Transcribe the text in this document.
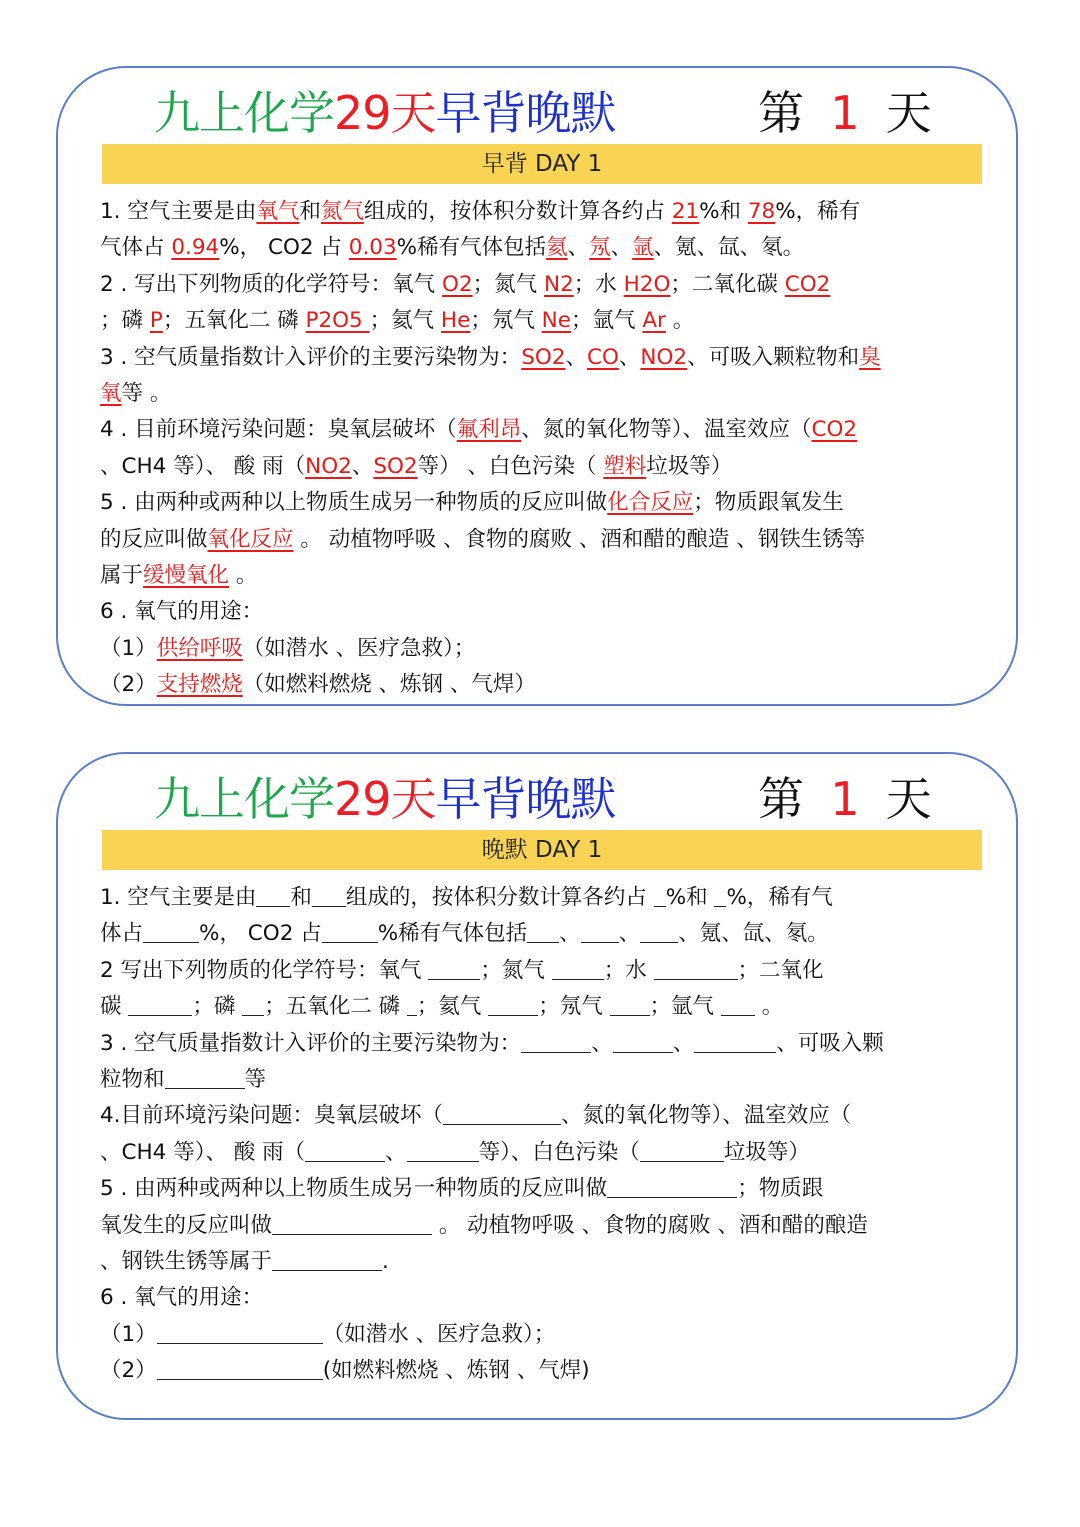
九上化学29天早背晚默	第 1 天
早背 DAY 1
1. 空气主要是由氧气和氮气组成的，按体积分数计算各约占 21%和 78%，稀有
气体占 0.94%， CO2 占 0.03%稀有气体包括氦、氖、氩、氪、氙、氡。
2 . 写出下列物质的化学符号：氧气 O2；氮气 N2；水 H2O；二氧化碳 CO2
；磷 P；五氧化二 磷 P2O5 ；氦气 He；氖气 Ne；氩气 Ar 。
3 . 空气质量指数计入评价的主要污染物为：SO2、CO、NO2、可吸入颗粒物和臭
氧等 。
4 . 目前环境污染问题：臭氧层破坏（氟利昂、氮的氧化物等）、温室效应（CO2
、CH4 等）、 酸 雨（NO2、SO2等） 、白色污染（ 塑料垃圾等）
5 . 由两种或两种以上物质生成另一种物质的反应叫做化合反应；物质跟氧发生
的反应叫做氧化反应 。 动植物呼吸 、食物的腐败 、酒和醋的酿造 、钢铁生锈等
属于缓慢氧化 。
6 . 氧气的用途：
（1）供给呼吸（如潜水 、医疗急救）；
（2）支持燃烧（如燃料燃烧 、炼钢 、气焊）
九上化学29天早背晚默	第 1 天
晚默 DAY 1
1. 空气主要是由 和 组成的，按体积分数计算各约占 %和 %，稀有气
体占	%， CO2 占	%稀有气体包括 、 、 、氪、氙、氡。
2 写出下列物质的化学符号：氧气 ；氮气 ；水	；二氧化
碳	；磷 ；五氧化二 磷 ；氦气 ；氖气 ；氩气  。
3 . 空气质量指数计入评价的主要污染物为：	、	、	、可吸入颗
粒物和	等
4.目前环境污染问题：臭氧层破坏（	、氮的氧化物等）、温室效应（
、CH4 等）、 酸 雨（	、	等）、白色污染（	垃圾等）
5 . 由两种或两种以上物质生成另一种物质的反应叫做	；物质跟
氧发生的反应叫做	。 动植物呼吸 、食物的腐败 、酒和醋的酿造
、钢铁生锈等属于	.
6 . 氧气的用途：
（1）	（如潜水 、医疗急救）；
（2）	(如燃料燃烧 、炼钢 、气焊)
